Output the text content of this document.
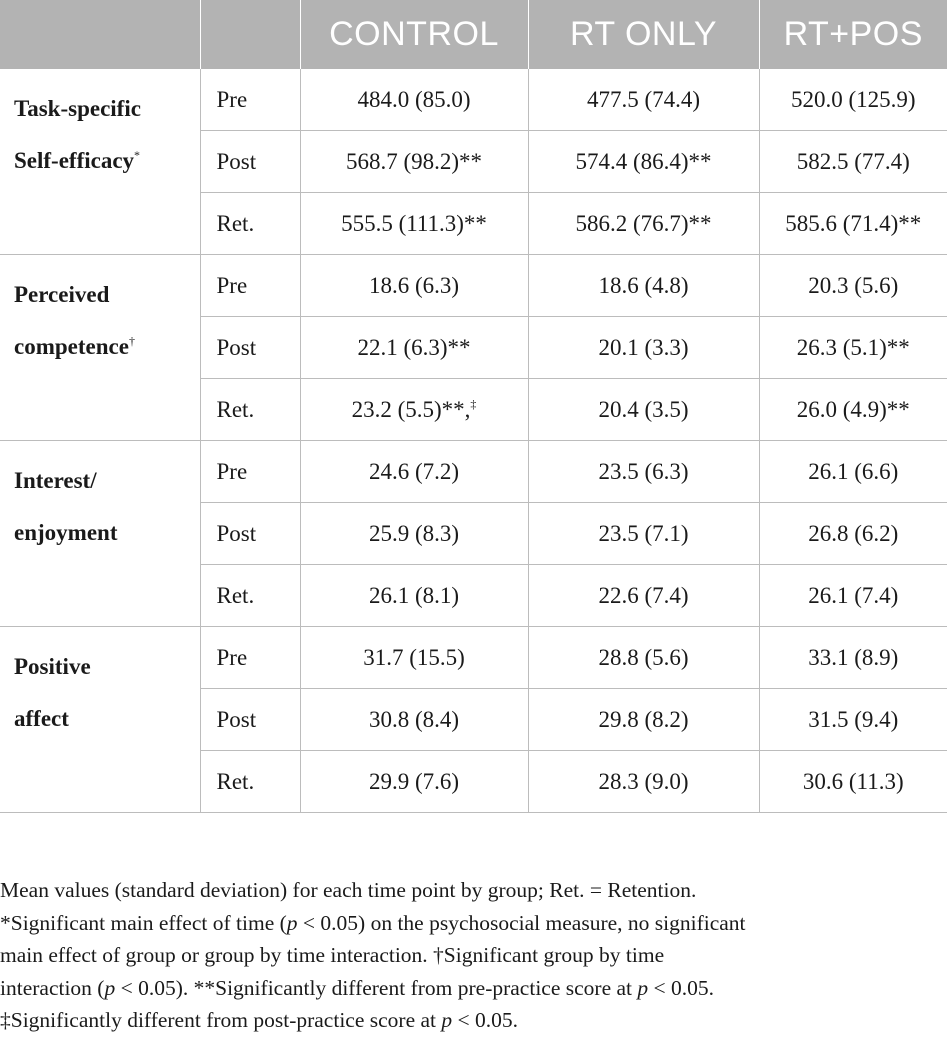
		CONTROL	RT ONLY	RT+POS
Task-specific
Self-efficacy*	Pre	484.0 (85.0)	477.5 (74.4)	520.0 (125.9)
	Post	568.7 (98.2)**	574.4 (86.4)**	582.5 (77.4)
	Ret.	555.5 (111.3)**	586.2 (76.7)**	585.6 (71.4)**
Perceived
competence†	Pre	18.6 (6.3)	18.6 (4.8)	20.3 (5.6)
	Post	22.1 (6.3)**	20.1 (3.3)	26.3 (5.1)**
	Ret.	23.2 (5.5)**,‡	20.4 (3.5)	26.0 (4.9)**
Interest/
enjoyment	Pre	24.6 (7.2)	23.5 (6.3)	26.1 (6.6)
	Post	25.9 (8.3)	23.5 (7.1)	26.8 (6.2)
	Ret.	26.1 (8.1)	22.6 (7.4)	26.1 (7.4)
Positive
affect	Pre	31.7 (15.5)	28.8 (5.6)	33.1 (8.9)
	Post	30.8 (8.4)	29.8 (8.2)	31.5 (9.4)
	Ret.	29.9 (7.6)	28.3 (9.0)	30.6 (11.3)

Mean values (standard deviation) for each time point by group; Ret. = Retention.

*Significant main effect of time (p < 0.05) on the psychosocial measure, no significant

main effect of group or group by time interaction. †Significant group by time

interaction (p < 0.05). **Significantly different from pre-practice score at p < 0.05.

‡Significantly different from post-practice score at p < 0.05.
